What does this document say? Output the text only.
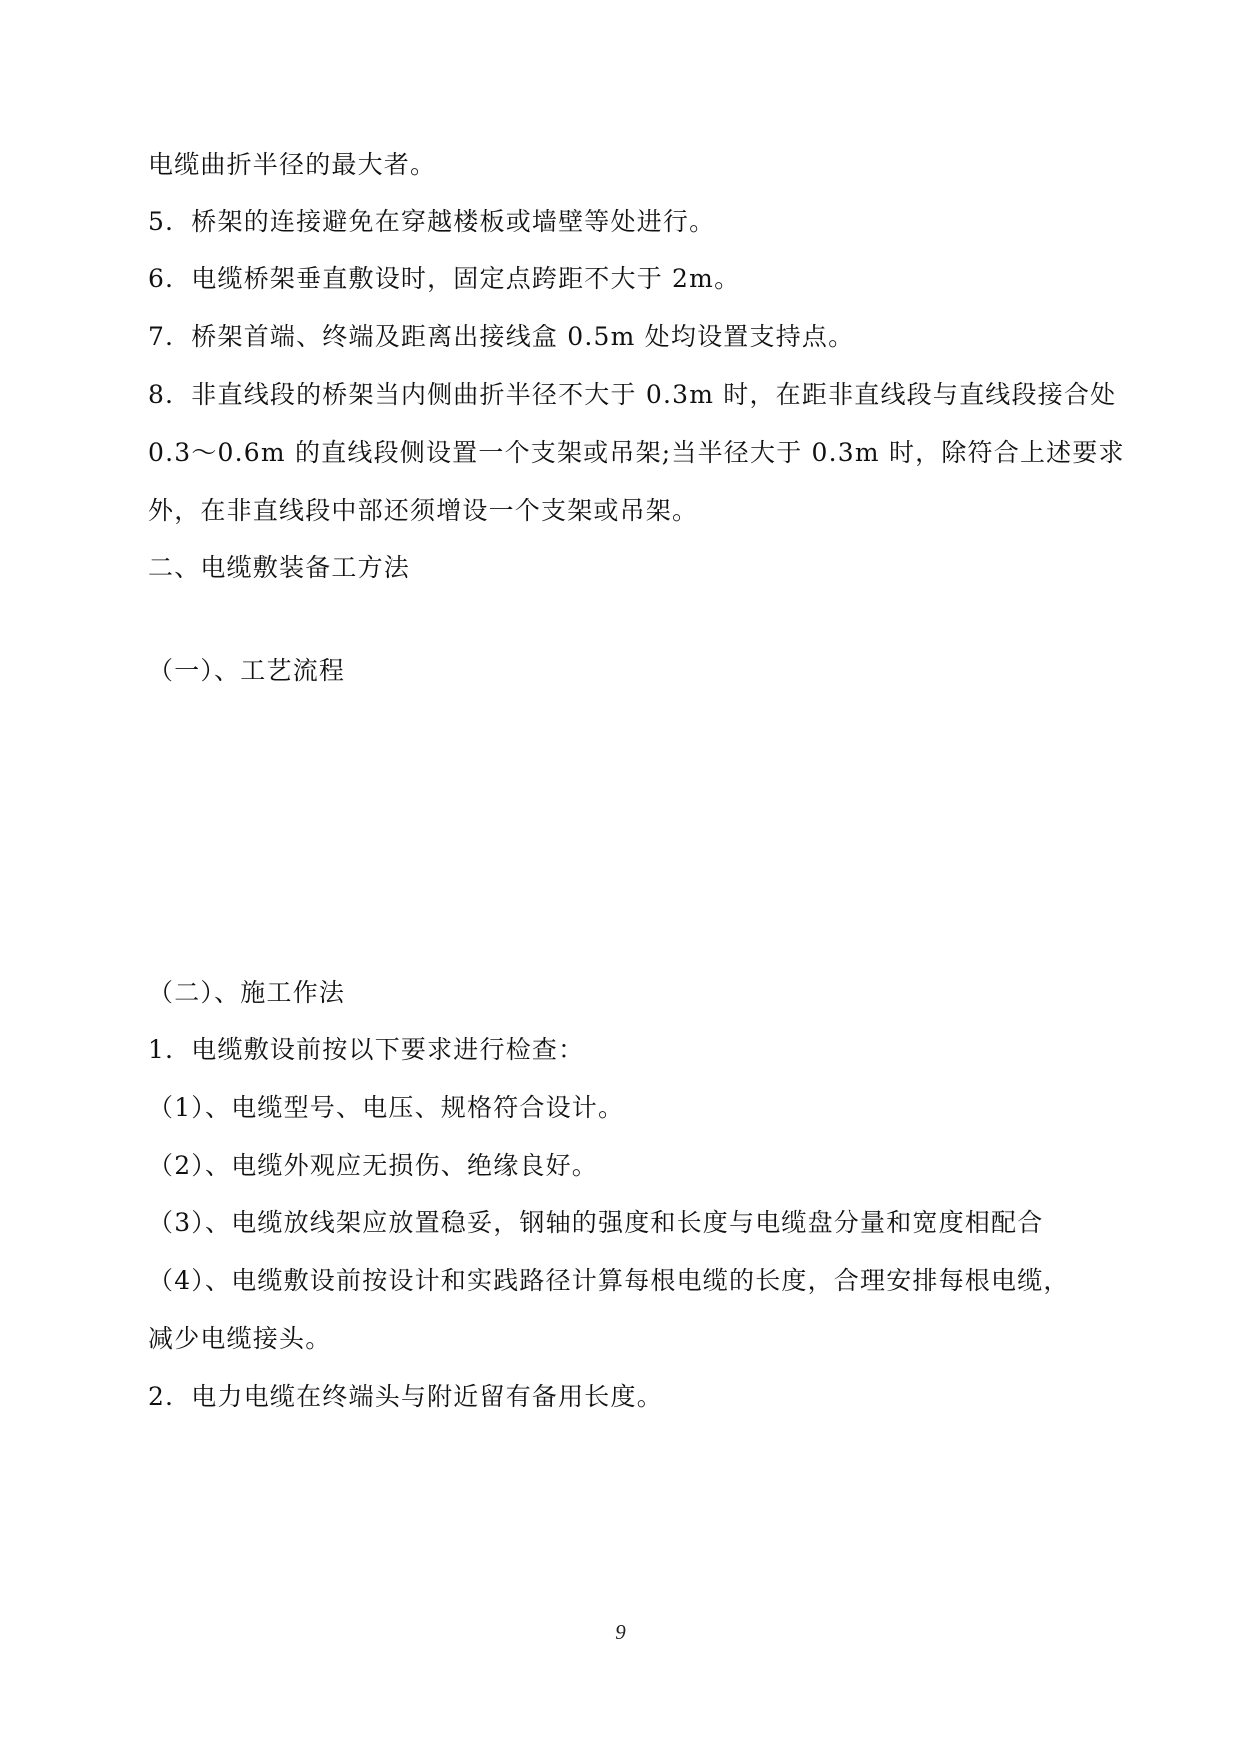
电缆曲折半径的最大者。
5．桥架的连接避免在穿越楼板或墙壁等处进行。
6．电缆桥架垂直敷设时，固定点跨距不大于 2m。
7．桥架首端、终端及距离出接线盒 0.5m 处均设置支持点。
8．非直线段的桥架当内侧曲折半径不大于 0.3m 时，在距非直线段与直线段接合处
0.3～0.6m 的直线段侧设置一个支架或吊架;当半径大于 0.3m 时，除符合上述要求
外，在非直线段中部还须增设一个支架或吊架。
二、电缆敷装备工方法
（一）、工艺流程
（二）、施工作法
1．电缆敷设前按以下要求进行检查：
（1）、电缆型号、电压、规格符合设计。
（2）、电缆外观应无损伤、绝缘良好。
（3）、电缆放线架应放置稳妥，钢轴的强度和长度与电缆盘分量和宽度相配合
（4）、电缆敷设前按设计和实践路径计算每根电缆的长度，合理安排每根电缆，
减少电缆接头。
2．电力电缆在终端头与附近留有备用长度。
9
